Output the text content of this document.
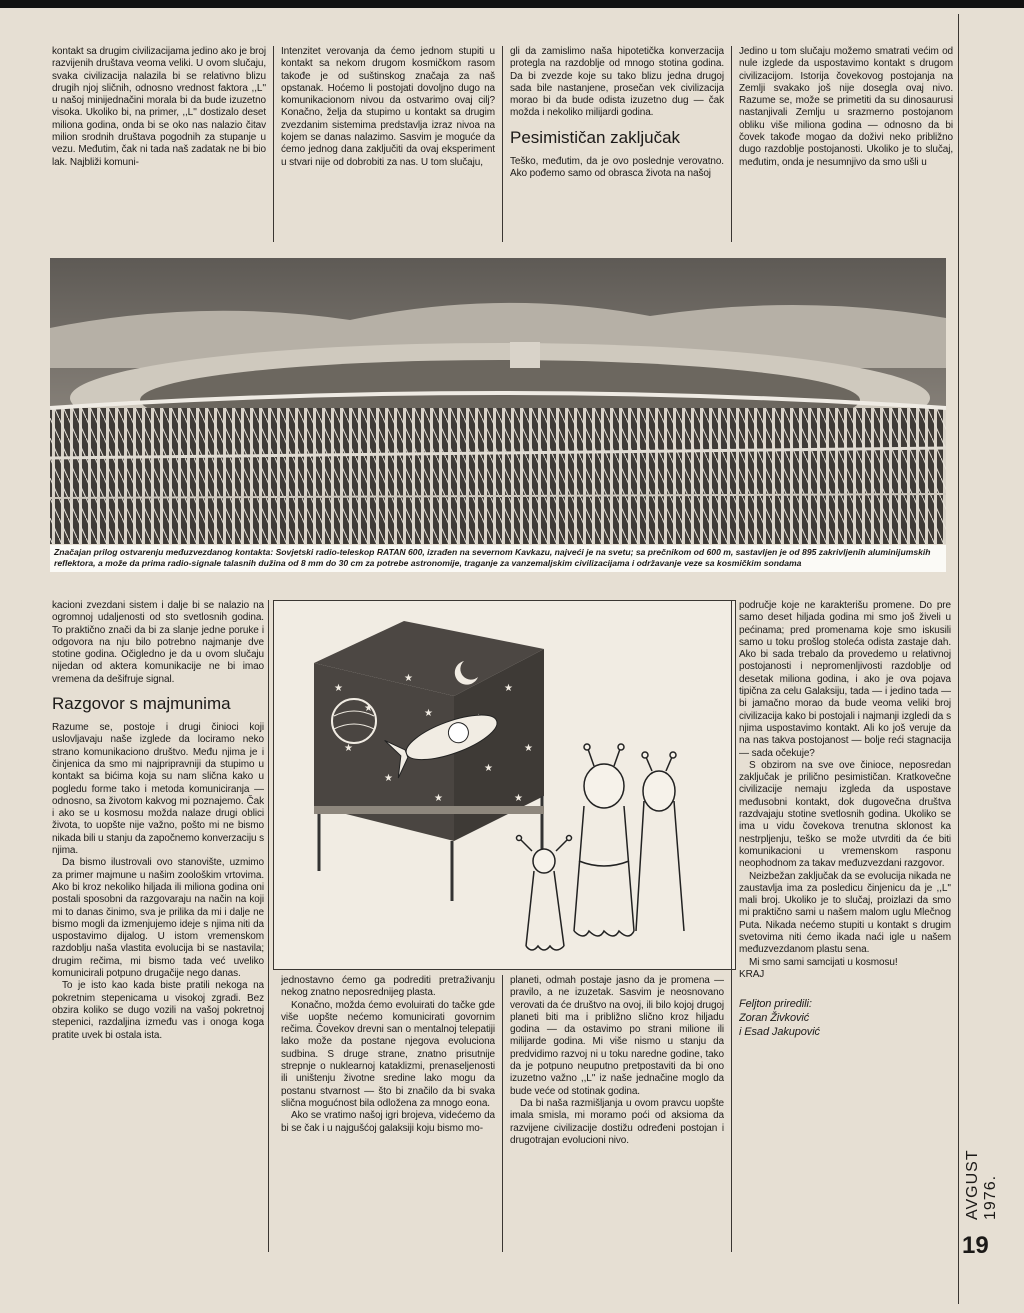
kontakt sa drugim civilizacijama jedino ako je broj razvijenih društava veoma veliki. U ovom slučaju, svaka civilizacija nalazila bi se relativno blizu drugih njoj sličnih, odnosno vrednost faktora ,,L'' u našoj minijednačini morala bi da bude izuzetno visoka. Ukoliko bi, na primer, ,,L'' dostizalo deset miliona godina, onda bi se oko nas nalazio čitav milion srodnih društava pogodnih za stupanje u vezu. Međutim, čak ni tada naš zadatak ne bi bio lak. Najbliži komuni-

Intenzitet verovanja da ćemo jednom stupiti u kontakt sa nekom drugom kosmičkom rasom takođe je od suštinskog značaja za naš opstanak. Hoćemo li postojati dovoljno dugo na komunikacionom nivou da ostvarimo ovaj cilj? Konačno, želja da stupimo u kontakt sa drugim zvezdanim sistemima predstavlja izraz nivoa na kojem se danas nalazimo. Sasvim je moguće da ćemo jednog dana zaključiti da ovaj eksperiment u stvari nije od dobrobiti za nas. U tom slučaju,

gli da zamislimo naša hipotetička konverzacija protegla na razdoblje od mnogo stotina godina. Da bi zvezde koje su tako blizu jedna drugoj sada bile nastanjene, prosečan vek civilizacija morao bi da bude odista izuzetno dug — čak možda i nekoliko milijardi godina.

Pesimističan zaključak

Teško, međutim, da je ovo poslednje verovatno. Ako pođemo samo od obrasca života na našoj

Jedino u tom slučaju možemo smatrati većim od nule izglede da uspostavimo kontakt s drugom civilizacijom. Istorija čovekovog postojanja na Zemlji svakako još nije dosegla ovaj nivo. Razume se, može se primetiti da su dinosaurusi nastanjivali Zemlju u srazmerno postojanom obliku više miliona godina — odnosno da bi čovek takođe mogao da doživi neko približno dugo razdoblje postojanosti. Ukoliko je to slučaj, međutim, onda je nesumnjivo da smo ušli u

Značajan prilog ostvarenju međuzvezdanog kontakta: Sovjetski radio-teleskop RATAN 600, izrađen na severnom Kavkazu, najveći je na svetu; sa prečnikom od 600 m, sastavljen je od 895 zakrivljenih aluminijumskih reflektora, a može da prima radio-signale talasnih dužina od 8 mm do 30 cm za potrebe astronomije, traganje za vanzemaljskim civilizacijama i održavanje veze sa kosmičkim sondama

kacioni zvezdani sistem i dalje bi se nalazio na ogromnoj udaljenosti od sto svetlosnih godina. To praktično znači da bi za slanje jedne poruke i odgovora na nju bilo potrebno najmanje dve stotine godina. Očigledno je da u ovom slučaju nijedan od aktera komunikacije ne bi imao vremena da dešifruje signal.

Razgovor s majmunima

Razume se, postoje i drugi činioci koji uslovljavaju naše izglede da lociramo neko strano komunikaciono društvo. Među njima je i činjenica da smo mi najpripravniji da stupimo u kontakt sa bićima koja su nam slična kako u pogledu forme tako i metoda komuniciranja — odnosno, sa životom kakvog mi poznajemo. Čak i ako se u kosmosu možda nalaze drugi oblici života, to uopšte nije važno, pošto mi ne bismo nikada bili u stanju da započnemo konverzaciju s njima.

Da bismo ilustrovali ovo stanovište, uzmimo za primer majmune u našim zoološkim vrtovima. Ako bi kroz nekoliko hiljada ili miliona godina oni postali sposobni da razgovaraju na način na koji mi to danas činimo, sva je prilika da mi i dalje ne bismo mogli da izmenjujemo ideje s njima niti da uspostavimo dijalog. U istom vremenskom razdoblju naša vlastita evolucija bi se nastavila; drugim rečima, mi bismo tada već uveliko komunicirali potpuno drugačije nego danas.

To je isto kao kada biste pratili nekoga na pokretnim stepenicama u visokoj zgradi. Bez obzira koliko se dugo vozili na vašoj pokretnoj stepenici, razdaljina između vas i onoga koga pratite uvek bi ostala ista.

★
★
★
★
★
★
★
★
★
★
★

jednostavno ćemo ga podrediti pretraživanju nekog znatno neposrednijeg plasta.

Konačno, možda ćemo evoluirati do tačke gde više uopšte nećemo komunicirati govornim rečima. Čovekov drevni san o mentalnoj telepatiji lako može da postane njegova evoluciona sudbina. S druge strane, znatno prisutnije strepnje o nuklearnoj kataklizmi, prenaseljenosti ili uništenju životne sredine lako mogu da postanu stvarnost — što bi značilo da bi svaka slična mogućnost bila odložena za mnogo eona.

Ako se vratimo našoj igri brojeva, videćemo da bi se čak i u najgušćoj galaksiji koju bismo mo-

planeti, odmah postaje jasno da je promena — pravilo, a ne izuzetak. Sasvim je neosnovano verovati da će društvo na ovoj, ili bilo kojoj drugoj planeti biti ma i približno slično kroz hiljadu godina — da ostavimo po strani milione ili milijarde godina. Mi više nismo u stanju da predvidimo razvoj ni u toku naredne godine, tako da je potpuno neuputno pretpostaviti da bi ono izuzetno važno ,,L'' iz naše jednačine moglo da bude veće od stotinak godina.

Da bi naša razmišljanja u ovom pravcu uopšte imala smisla, mi moramo poći od aksioma da razvijene civilizacije dostižu određeni postojan i drugotrajan evolucioni nivo.

područje koje ne karakterišu promene. Do pre samo deset hiljada godina mi smo još živeli u pećinama; pred promenama koje smo iskusili samo u toku prošlog stoleća odista zastaje dah. Ako bi sada trebalo da provedemo u relativnoj postojanosti i nepromenljivosti razdoblje od desetak miliona godina, i ako je ova pojava tipična za celu Galaksiju, tada — i jedino tada — bi jamačno morao da bude veoma veliki broj civilizacija kako bi postojali i najmanji izgledi da s njima uspostavimo kontakt. Ali ko još veruje da na nas takva postojanost — bolje reći stagnacija — sada očekuje?

S obzirom na sve ove činioce, neposredan zaključak je prilično pesimističan. Kratkovečne civilizacije nemaju izgleda da uspostave međusobni kontakt, dok dugovečna društva razdvajaju stotine svetlosnih godina. Ukoliko se ima u vidu čovekova trenutna sklonost ka nestrpljenju, teško se može utvrditi da će biti komunikacioni u vremenskom rasponu neophodnom za takav međuzvezdani razgovor.

Neizbežan zaključak da se evolucija nikada ne zaustavlja ima za posledicu činjenicu da je ,,L'' mali broj. Ukoliko je to slučaj, proizlazi da smo mi praktično sami u našem malom uglu Mlečnog Puta. Nikada nećemo stupiti u kontakt s drugim svetovima niti ćemo ikada naći igle u našem međuzvezdanom plastu sena.

Mi smo sami samcijati u kosmosu!

KRAJ

Feljton priredili:
Zoran Živković
i Esad Jakupović
AVGUST 1976.
19
